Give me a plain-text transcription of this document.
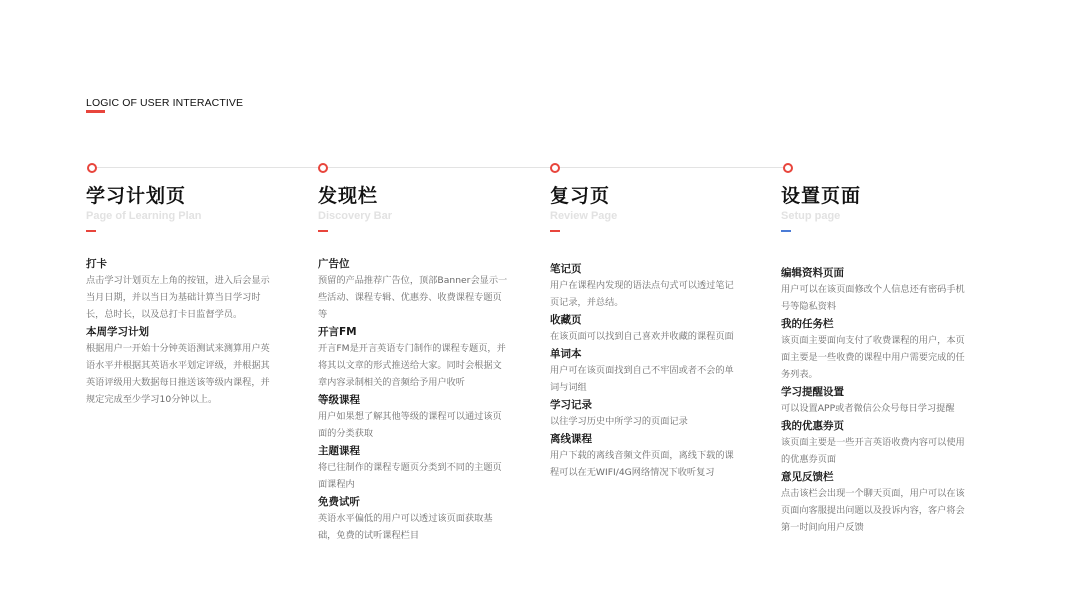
LOGIC OF USER INTERACTIVE
学习计划页
Page of Learning Plan
打卡
点击学习计划页左上角的按钮，进入后会显示当月日期，并以当日为基础计算当日学习时长，总时长，以及总打卡日监督学员。
本周学习计划
根据用户一开始十分钟英语测试来测算用户英语水平并根据其英语水平划定评级，并根据其英语评级用大数据每日推送该等级内课程，并规定完成至少学习10分钟以上。
发现栏
Discovery Bar
广告位
预留的产品推荐广告位，顶部Banner会显示一些活动、课程专辑、优惠券、收费课程专题页等
开言FM
开言FM是开言英语专门制作的课程专题页，并将其以文章的形式推送给大家。同时会根据文章内容录制相关的音频给予用户收听
等级课程
用户如果想了解其他等级的课程可以通过该页面的分类获取
主题课程
将已往制作的课程专题页分类到不同的主题页面课程内
免费试听
英语水平偏低的用户可以透过该页面获取基础，免费的试听课程栏目
复习页
Review Page
笔记页
用户在课程内发现的语法点句式可以透过笔记页记录，并总结。
收藏页
在该页面可以找到自己喜欢并收藏的课程页面
单词本
用户可在该页面找到自己不牢固或者不会的单词与词组
学习记录
以往学习历史中所学习的页面记录
离线课程
用户下载的离线音频文件页面，离线下载的课程可以在无WIFI/4G网络情况下收听复习
设置页面
Setup page
编辑资料页面
用户可以在该页面修改个人信息还有密码手机号等隐私资料
我的任务栏
该页面主要面向支付了收费课程的用户，本页面主要是一些收费的课程中用户需要完成的任务列表。
学习提醒设置
可以设置APP或者微信公众号每日学习提醒
我的优惠券页
该页面主要是一些开言英语收费内容可以使用的优惠券页面
意见反馈栏
点击该栏会出现一个聊天页面，用户可以在该页面向客服提出问题以及投诉内容，客户将会第一时间向用户反馈
